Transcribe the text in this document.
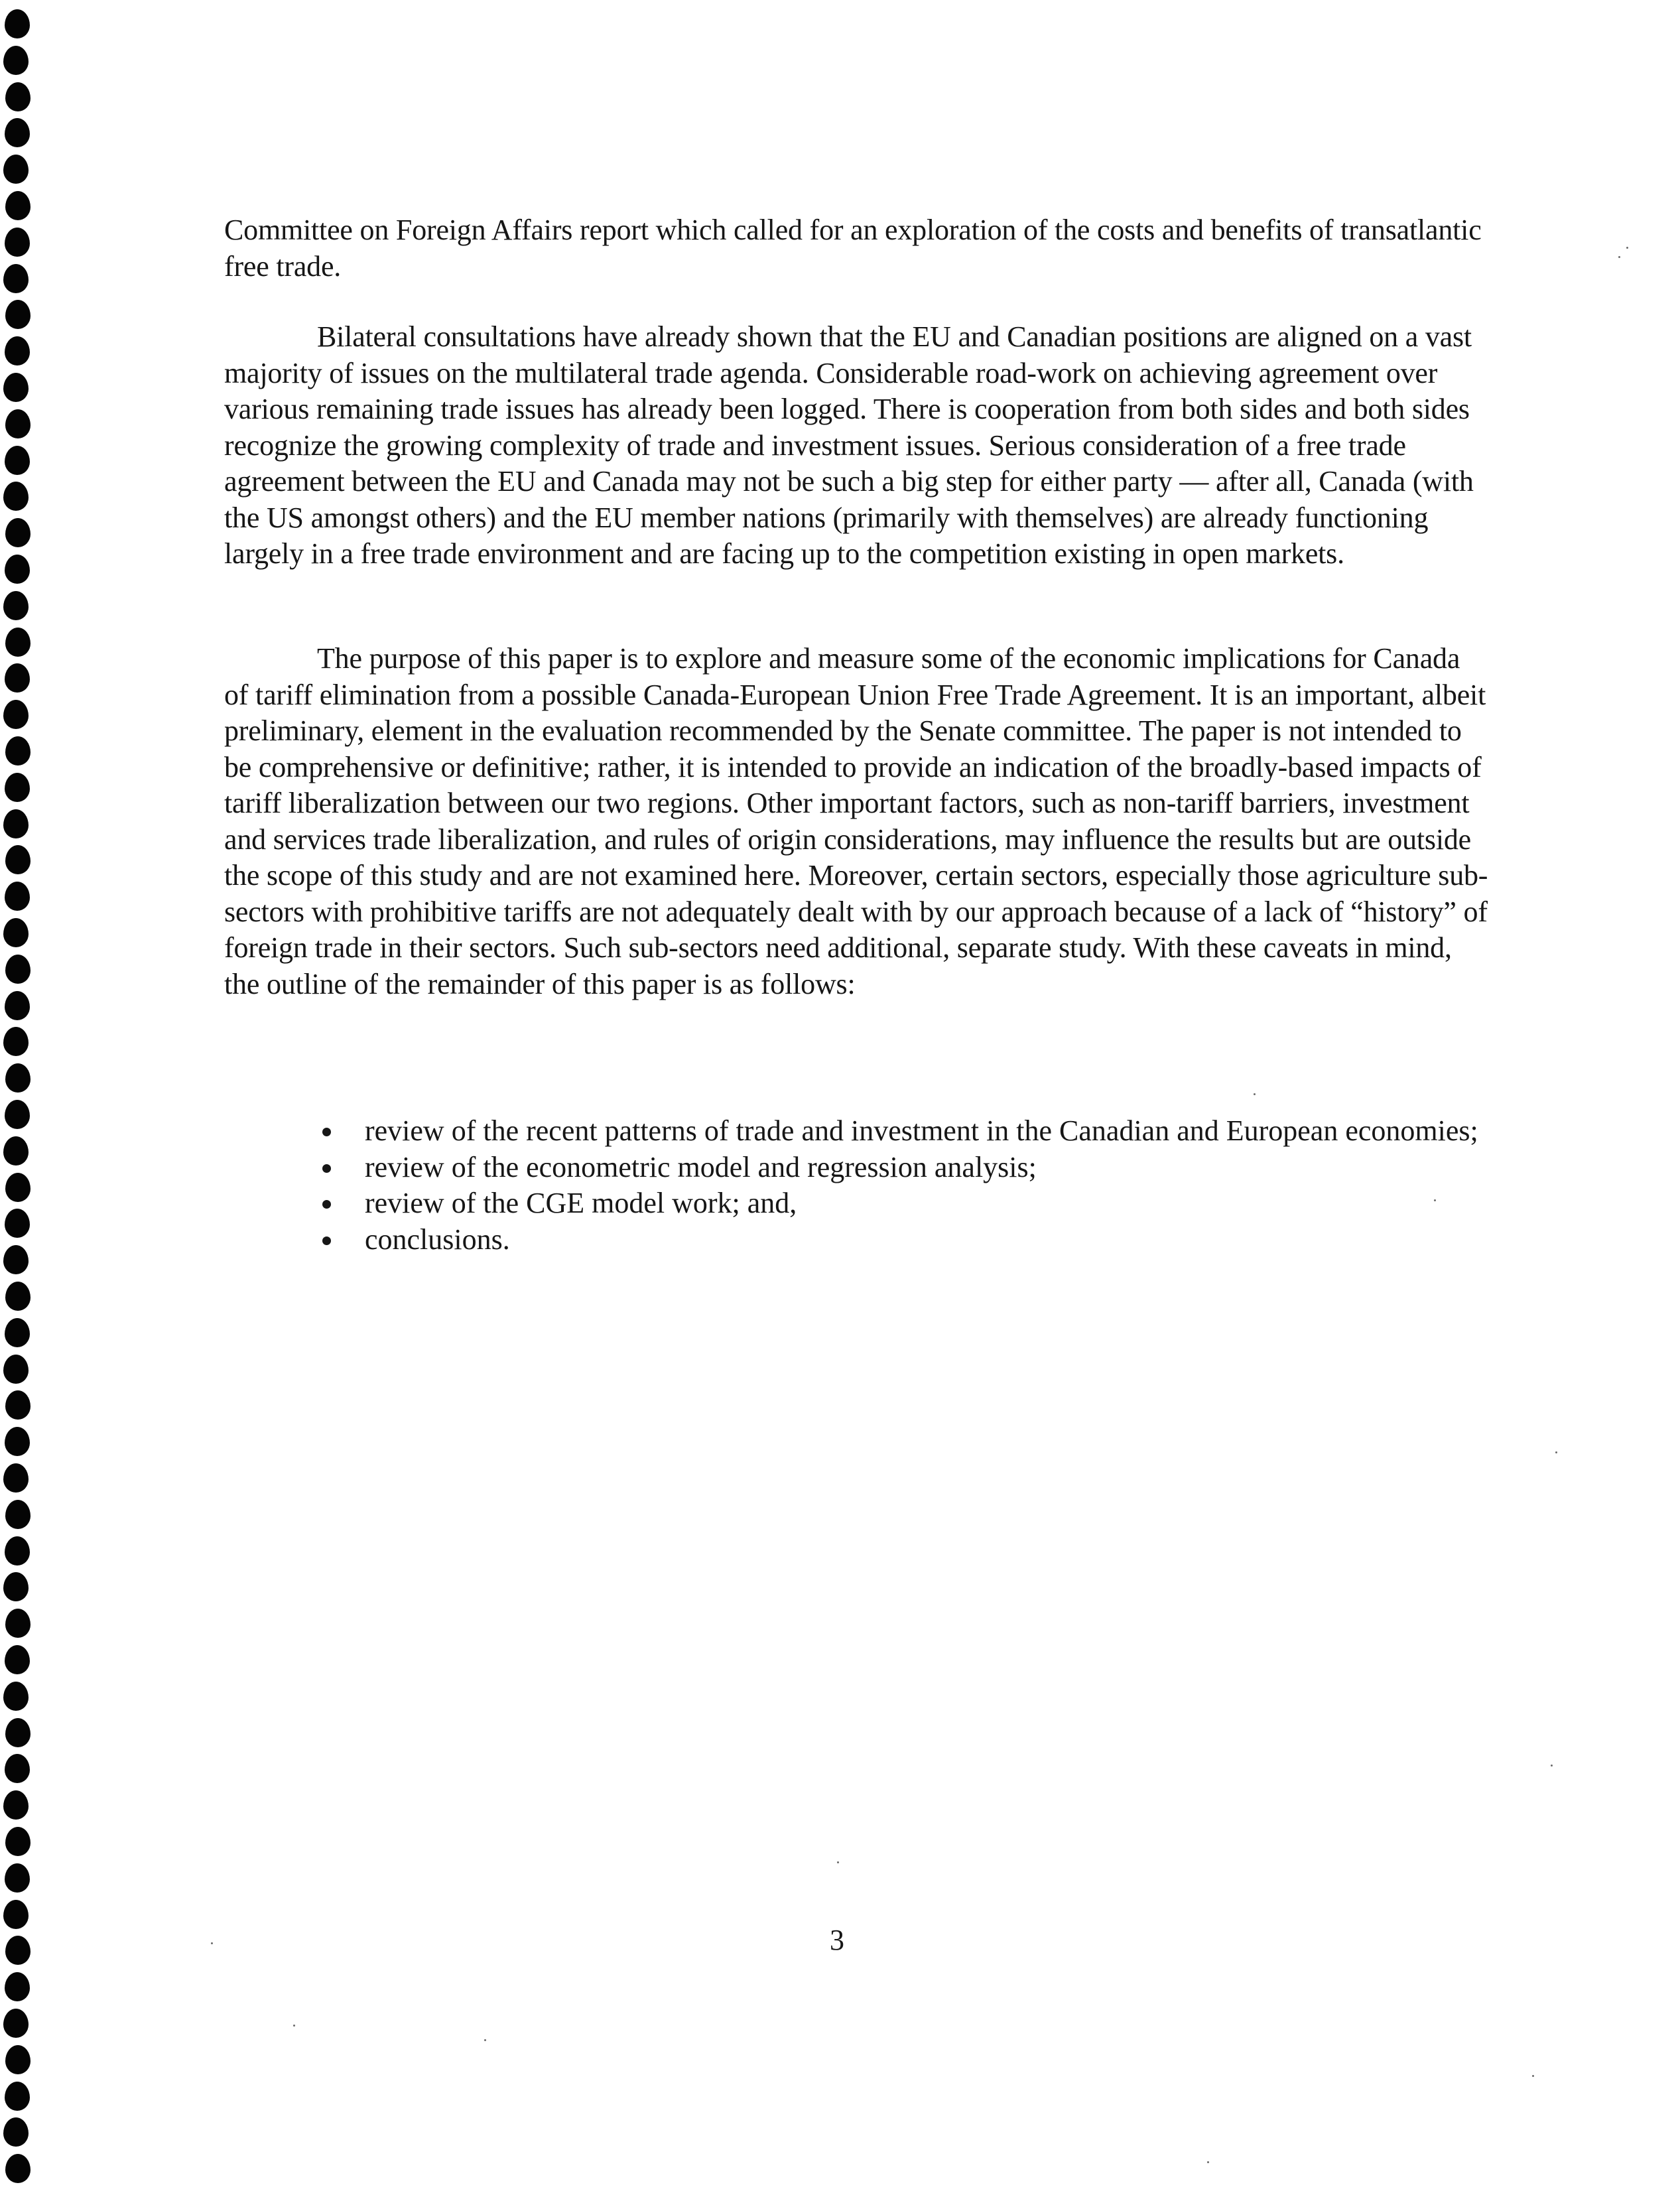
Committee on Foreign Affairs report which called for an exploration of the costs and benefits of transatlantic free trade.

Bilateral consultations have already shown that the EU and Canadian positions are aligned on a vast majority of issues on the multilateral trade agenda. Considerable road-work on achieving agreement over various remaining trade issues has already been logged. There is cooperation from both sides and both sides recognize the growing complexity of trade and investment issues. Serious consideration of a free trade agreement between the EU and Canada may not be such a big step for either party — after all, Canada (with the US amongst others) and the EU member nations (primarily with themselves) are already functioning largely in a free trade environment and are facing up to the competition existing in open markets.

The purpose of this paper is to explore and measure some of the economic implications for Canada of tariff elimination from a possible Canada-European Union Free Trade Agreement. It is an important, albeit preliminary, element in the evaluation recommended by the Senate committee. The paper is not intended to be comprehensive or definitive; rather, it is intended to provide an indication of the broadly-based impacts of tariff liberalization between our two regions. Other important factors, such as non-tariff barriers, investment and services trade liberalization, and rules of origin considerations, may influence the results but are outside the scope of this study and are not examined here. Moreover, certain sectors, especially those agriculture sub-sectors with prohibitive tariffs are not adequately dealt with by our approach because of a lack of “history” of foreign trade in their sectors. Such sub-sectors need additional, separate study. With these caveats in mind, the outline of the remainder of this paper is as follows:

review of the recent patterns of trade and investment in the Canadian and European economies;
review of the econometric model and regression analysis;
review of the CGE model work; and,
conclusions.
3
